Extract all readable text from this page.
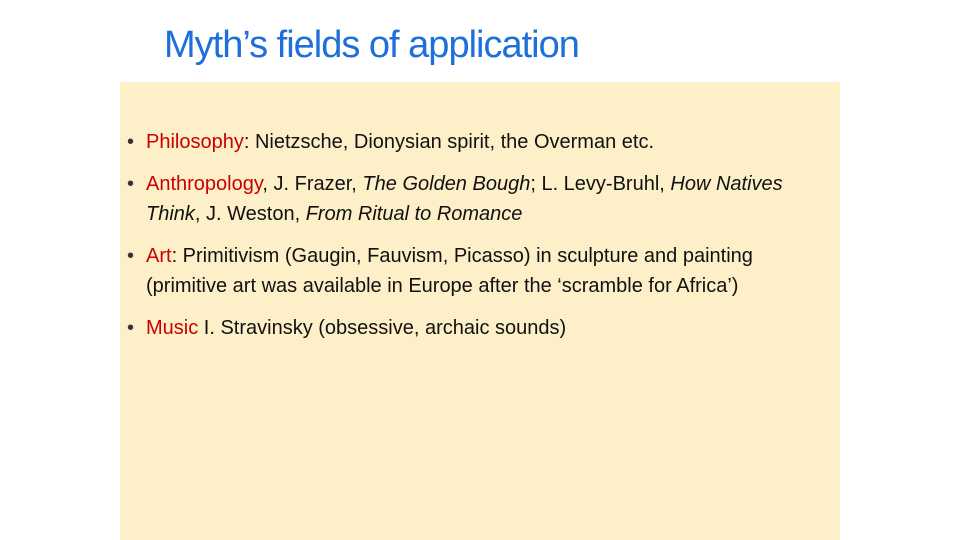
Myth’s fields of application
• Philosophy: Nietzsche, Dionysian spirit, the Overman etc.
• Anthropology, J. Frazer, The Golden Bough; L. Levy-Bruhl, How Natives Think, J. Weston, From Ritual to Romance
• Art: Primitivism (Gaugin, Fauvism, Picasso) in sculpture and painting (primitive art was available in Europe after the ‘scramble for Africa’)
• Music I. Stravinsky (obsessive, archaic sounds)
